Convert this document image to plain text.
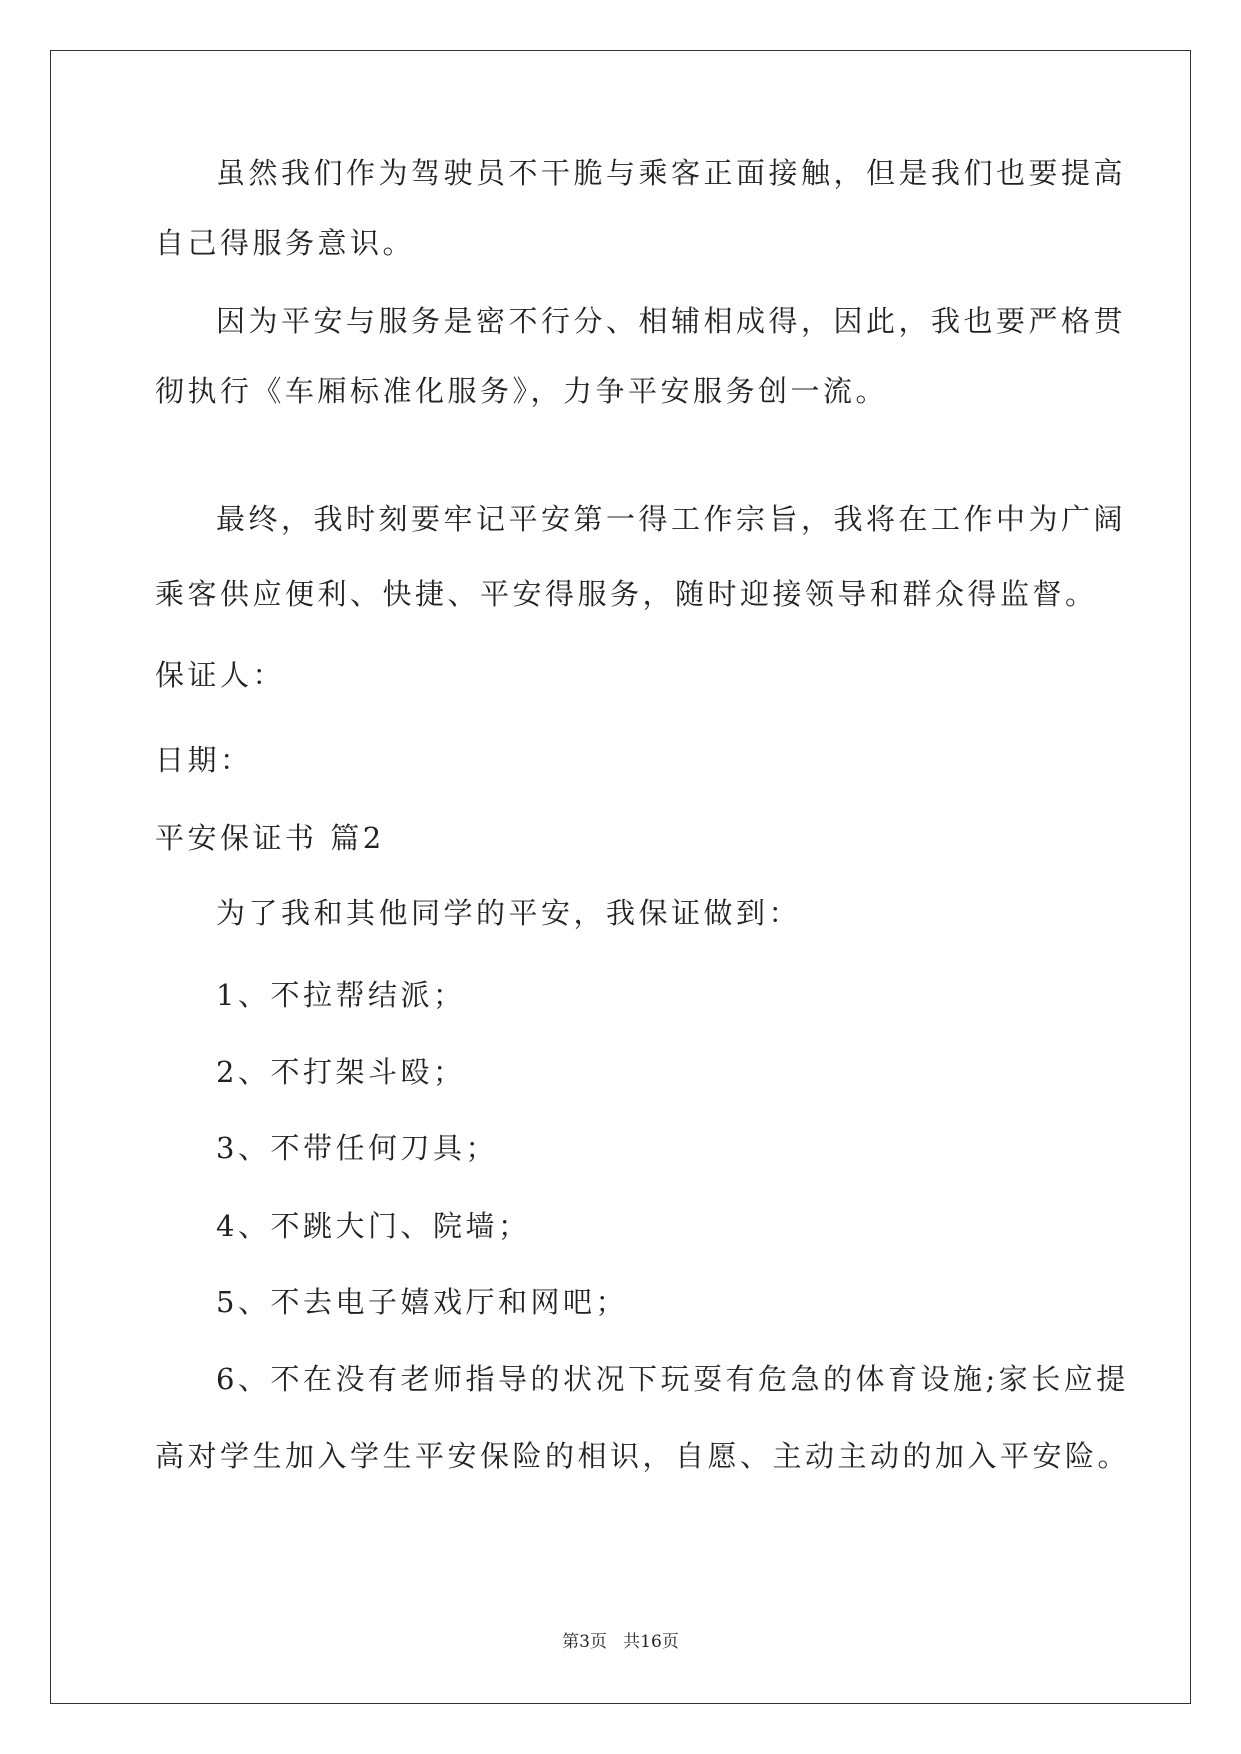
虽然我们作为驾驶员不干脆与乘客正面接触，但是我们也要提高
自己得服务意识。
因为平安与服务是密不行分、相辅相成得，因此，我也要严格贯
彻执行《车厢标准化服务》，力争平安服务创一流。
最终，我时刻要牢记平安第一得工作宗旨，我将在工作中为广阔
乘客供应便利、快捷、平安得服务，随时迎接领导和群众得监督。
保证人：
日期：
平安保证书 篇2
为了我和其他同学的平安，我保证做到：
1、不拉帮结派；
2、不打架斗殴；
3、不带任何刀具；
4、不跳大门、院墙；
5、不去电子嬉戏厅和网吧；
6、不在没有老师指导的状况下玩耍有危急的体育设施;家长应提
高对学生加入学生平安保险的相识，自愿、主动主动的加入平安险。
第3页   共16页
